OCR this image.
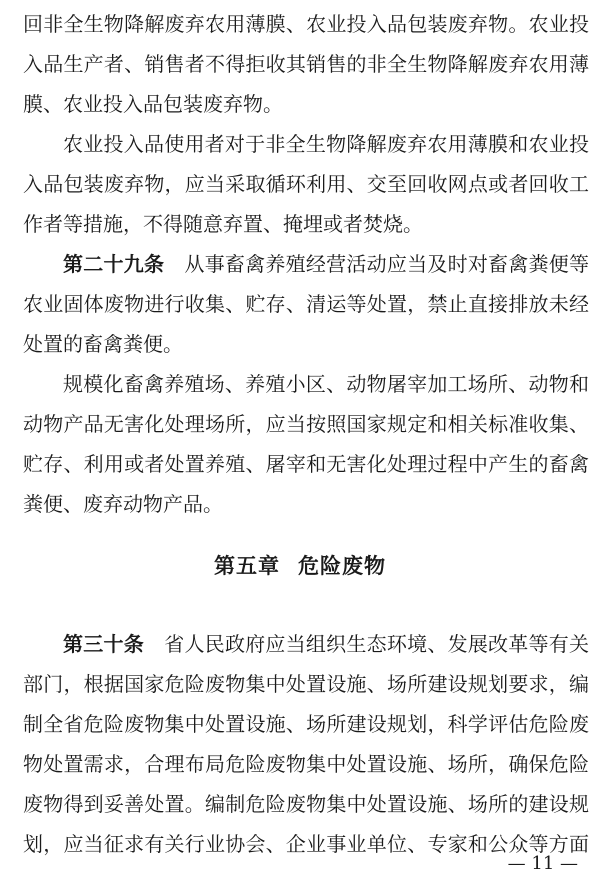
回非全生物降解废弃农用薄膜、农业投入品包装废弃物。农业投
入品生产者、销售者不得拒收其销售的非全生物降解废弃农用薄
膜、农业投入品包装废弃物。
农业投入品使用者对于非全生物降解废弃农用薄膜和农业投
入品包装废弃物，应当采取循环利用、交至回收网点或者回收工
作者等措施，不得随意弃置、掩埋或者焚烧。
第二十九条　 从事畜禽养殖经营活动应当及时对畜禽粪便等
农业固体废物进行收集、贮存、清运等处置，禁止直接排放未经
处置的畜禽粪便。
规模化畜禽养殖场、养殖小区、动物屠宰加工场所、动物和
动物产品无害化处理场所，应当按照国家规定和相关标准收集、
贮存、利用或者处置养殖、屠宰和无害化处理过程中产生的畜禽
粪便、废弃动物产品。
第五章 危险废物
第三十条　 省人民政府应当组织生态环境、发展改革等有关
部门，根据国家危险废物集中处置设施、场所建设规划要求，编
制全省危险废物集中处置设施、场所建设规划，科学评估危险废
物处置需求，合理布局危险废物集中处置设施、场所，确保危险
废物得到妥善处置。编制危险废物集中处置设施、场所的建设规
划，应当征求有关行业协会、企业事业单位、专家和公众等方面
— 11 —
